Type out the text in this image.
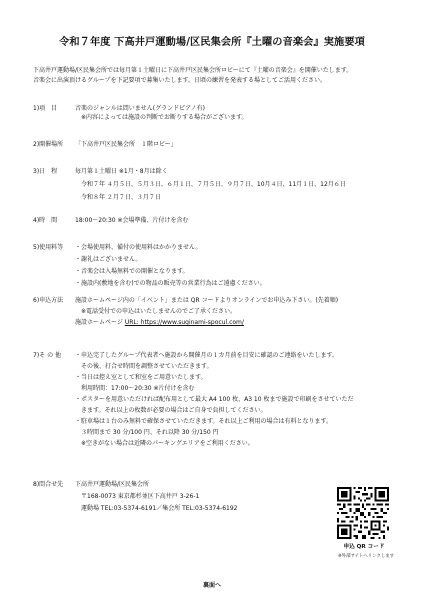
令和７年度 下高井戸運動場/区民集会所『土曜の音楽会』実施要項
下高井戸運動場/区民集会所では毎月第１土曜日に下高井戸区民集会所ロビーにて『土曜の音楽会』を開催いたします。
音楽会に出演頂けるグループを下記要項で募集いたします。日頃の練習を発表する場としてご活用ください。
1)項　目	音楽のジャンルは問いません(グランドピアノ有)
※内容によっては施設の判断でお断りする場合がございます。
2)開催場所 「下高井戸区民集会所　１階ロビー」
3)日　程	毎月第１土曜日 ※1月・8月は除く
令和７年 ４月５日、５月３日、６月１日、７月５日、９月７日、10月４日、11月１日、12月６日
令和８年 ２月７日、３月７日
4)時　間	18:00～20:30 ※会場準備、片付けを含む
5)使用料等 ・会場使用料、備付の使用料はかかりません。
・謝礼はございません。
・音楽会は入場無料での開催となります。
・施設内(敷地を含む)での物品の販売等の営業行為はご遠慮ください。
6)申込方法 施設ホームページ内の「イベント」または QR コードよりオンラインでお申込み下さい。(先着順)
※電話受付での申込はいたしませんのでご了承ください。
施設ホームページ URL: https://www.suginami-spocul.com/
7)そ の 他 ・申込完了したグループ代表者へ施設から開催月の１カ月前を目安に確認のご連絡をいたします。
その後、打合せ時間を調整させていただきます。
・当日は控え室として和室をご用意いたします。
利用時間：17:00～20:30 ※片付けを含む
・ポスターを用意いただければ配布用として最大 A4 100 枚、A3 10 枚まで施設で印刷をさせていただ
きます。それ以上の枚数が必要の場合はご自身で負担してください。
・駐車場は１台のみ無料で確保させていただきます。それ以上ご利用の場合は有料となります。
３時間まで 30 分/100 円、それ以降 30 分/150 円
※空きがない場合は近隣のパーキングエリアをご利用ください。
8)問合せ先 下高井戸運動場/区民集会所
〒168-0073 東京都杉並区下高井戸 3-26-1
運動場 TEL:03-5374-6191／集会所 TEL:03-5374-6192
申込 QR コード
※外部サイトへリンクします
裏面へ
